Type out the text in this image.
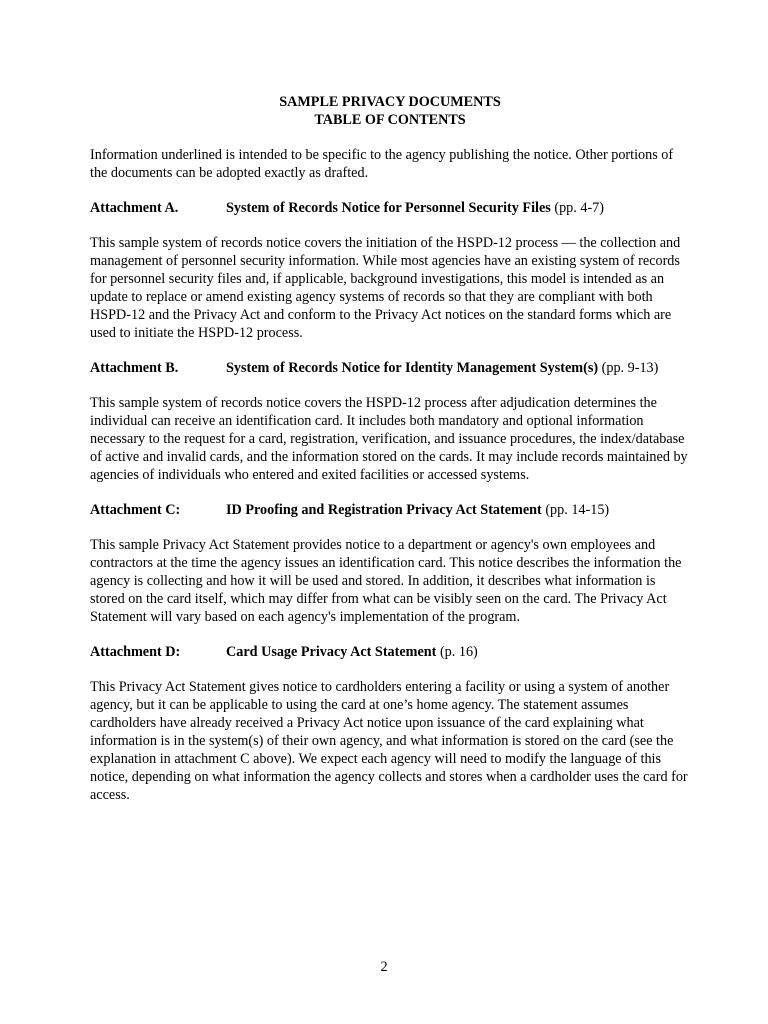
SAMPLE PRIVACY DOCUMENTS
TABLE OF CONTENTS

Information underlined is intended to be specific to the agency publishing the notice. Other portions of the documents can be adopted exactly as drafted.

Attachment A.	System of Records Notice for Personnel Security Files (pp. 4-7)

This sample system of records notice covers the initiation of the HSPD-12 process — the collection and management of personnel security information. While most agencies have an existing system of records for personnel security files and, if applicable, background investigations, this model is intended as an update to replace or amend existing agency systems of records so that they are compliant with both HSPD-12 and the Privacy Act and conform to the Privacy Act notices on the standard forms which are used to initiate the HSPD-12 process.

Attachment B.	System of Records Notice for Identity Management System(s) (pp. 9-13)

This sample system of records notice covers the HSPD-12 process after adjudication determines the individual can receive an identification card. It includes both mandatory and optional information necessary to the request for a card, registration, verification, and issuance procedures, the index/database of active and invalid cards, and the information stored on the cards. It may include records maintained by agencies of individuals who entered and exited facilities or accessed systems.

Attachment C:	ID Proofing and Registration Privacy Act Statement (pp. 14-15)

This sample Privacy Act Statement provides notice to a department or agency's own employees and contractors at the time the agency issues an identification card. This notice describes the information the agency is collecting and how it will be used and stored. In addition, it describes what information is stored on the card itself, which may differ from what can be visibly seen on the card. The Privacy Act Statement will vary based on each agency's implementation of the program.

Attachment D:	Card Usage Privacy Act Statement (p. 16)

This Privacy Act Statement gives notice to cardholders entering a facility or using a system of another agency, but it can be applicable to using the card at one’s home agency. The statement assumes cardholders have already received a Privacy Act notice upon issuance of the card explaining what information is in the system(s) of their own agency, and what information is stored on the card (see the explanation in attachment C above). We expect each agency will need to modify the language of this notice, depending on what information the agency collects and stores when a cardholder uses the card for access.

2
